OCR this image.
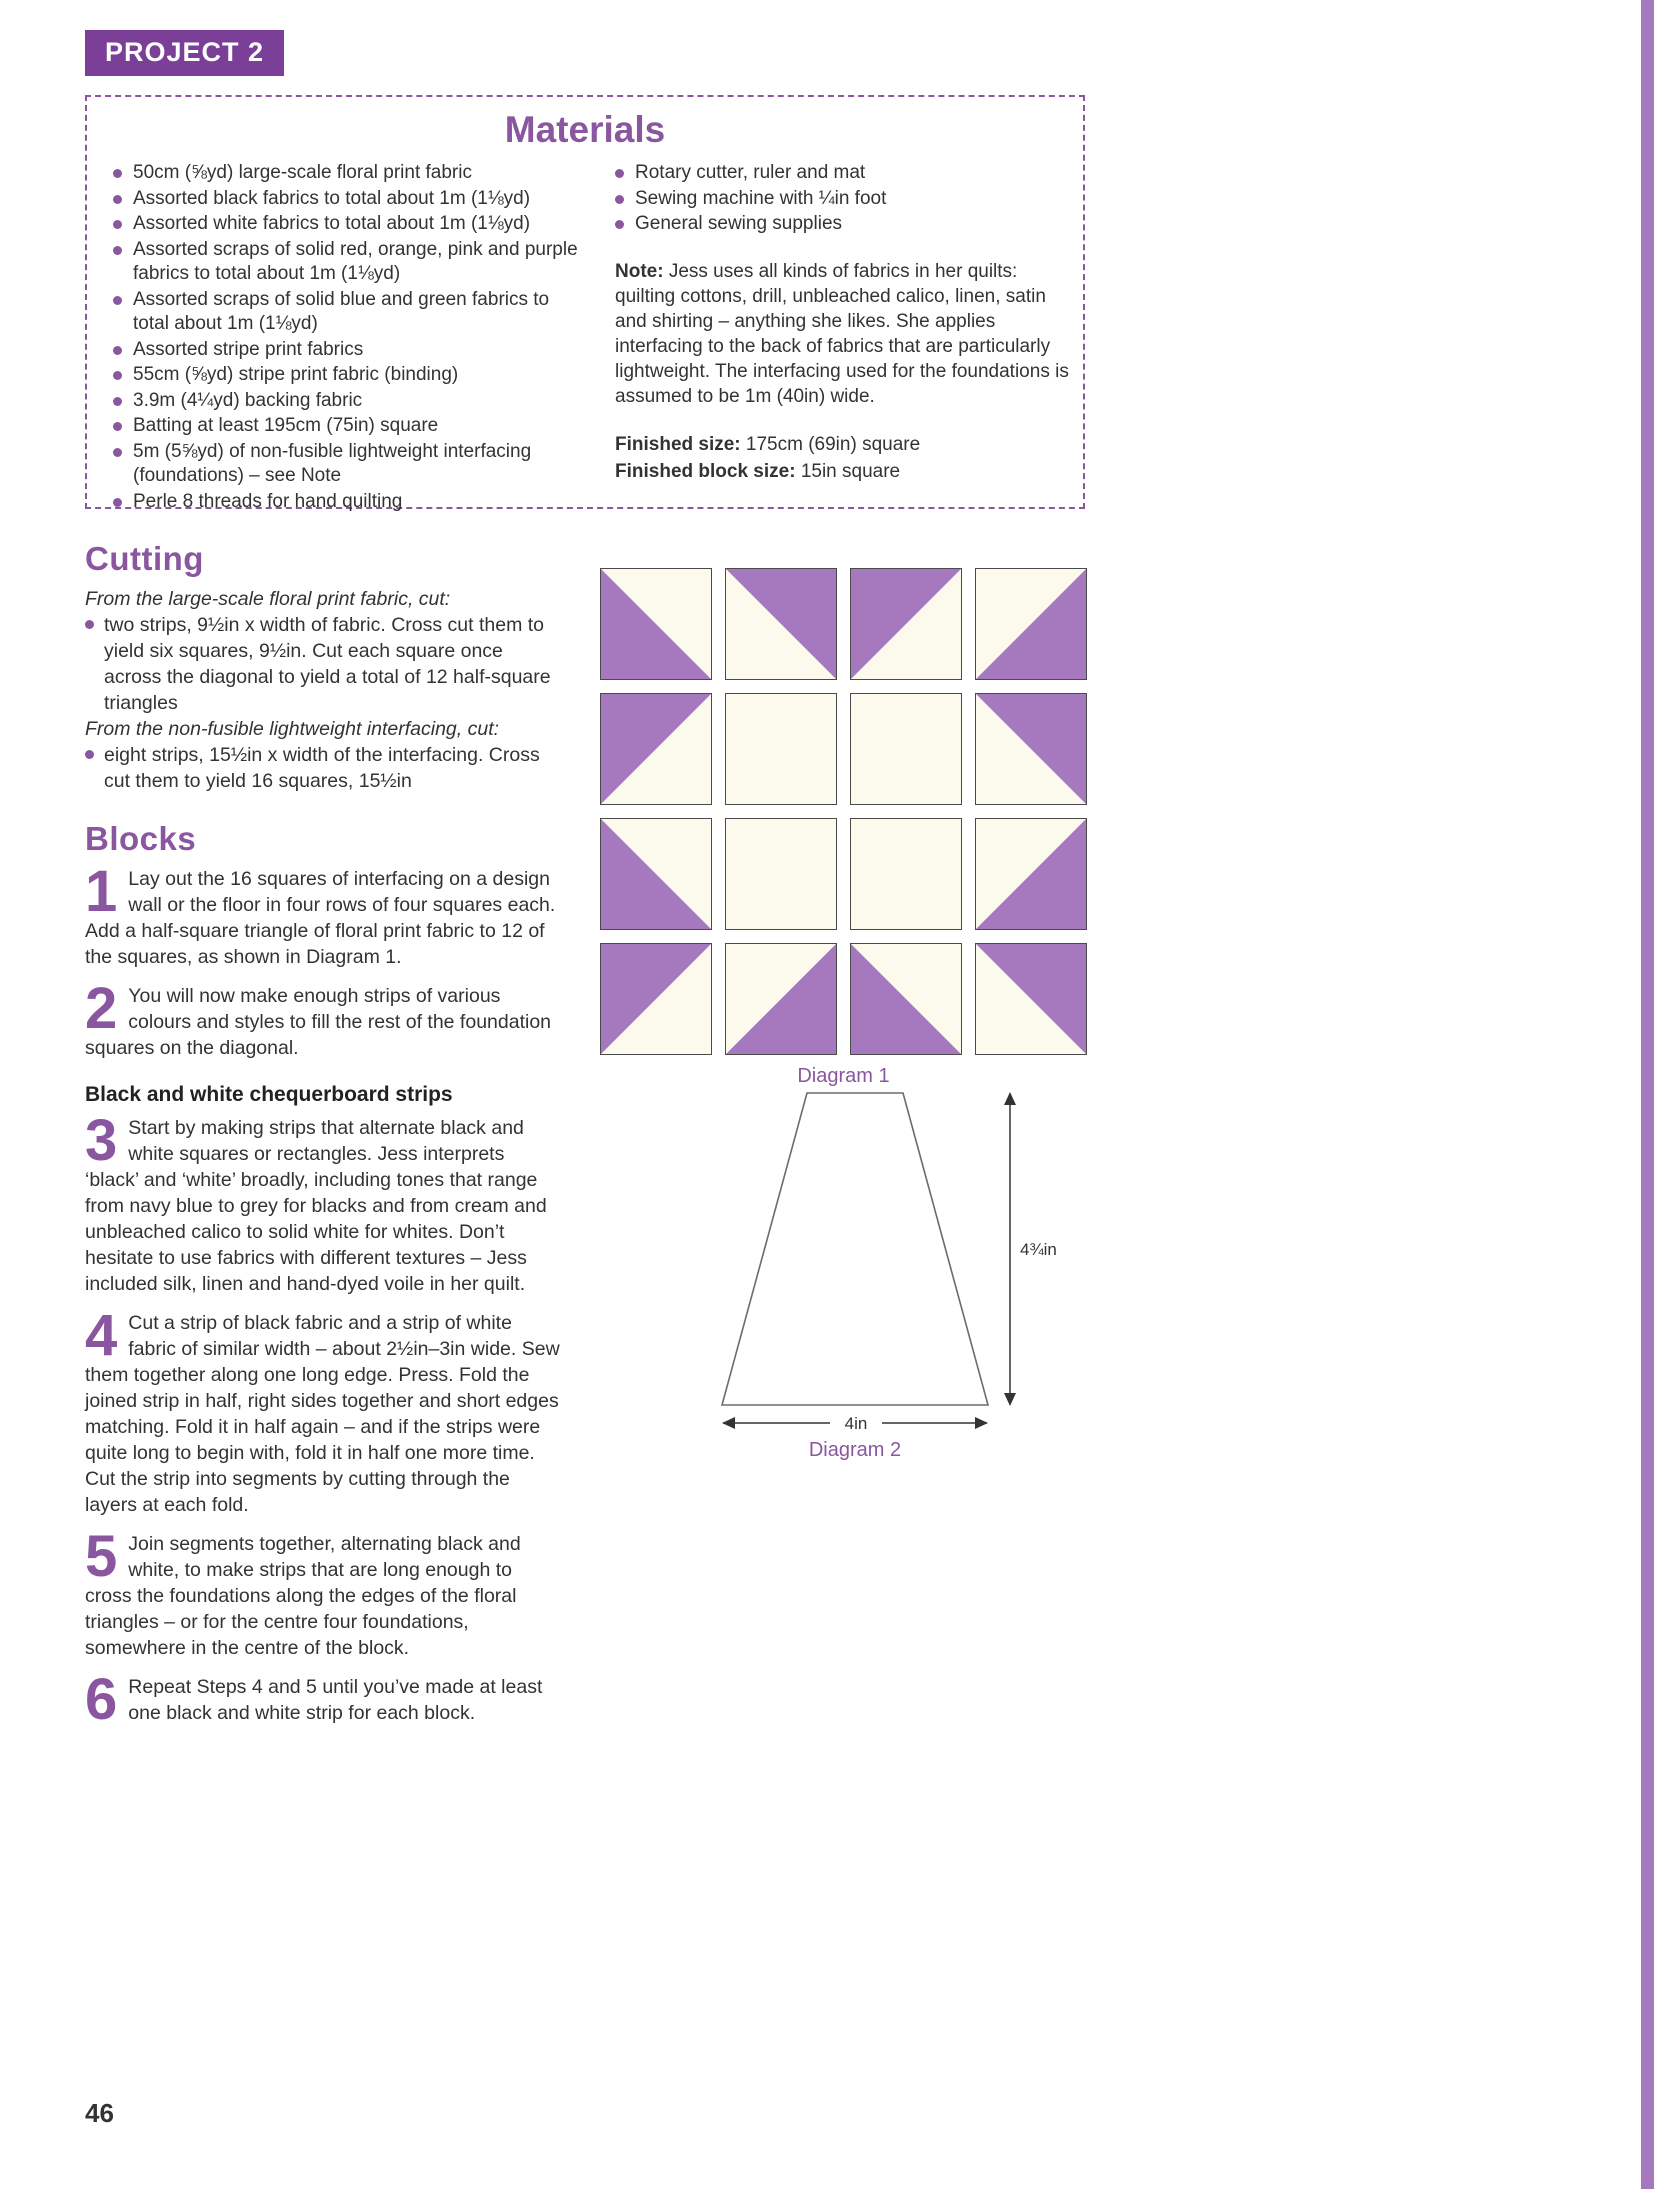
PROJECT 2
Materials
50cm (⅝yd) large-scale floral print fabric
Assorted black fabrics to total about 1m (1⅛yd)
Assorted white fabrics to total about 1m (1⅛yd)
Assorted scraps of solid red, orange, pink and purple fabrics to total about 1m (1⅛yd)
Assorted scraps of solid blue and green fabrics to total about 1m (1⅛yd)
Assorted stripe print fabrics
55cm (⅝yd) stripe print fabric (binding)
3.9m (4¼yd) backing fabric
Batting at least 195cm (75in) square
5m (5⅝yd) of non-fusible lightweight interfacing (foundations) – see Note
Perle 8 threads for hand quilting
Rotary cutter, ruler and mat
Sewing machine with ¼in foot
General sewing supplies
Note: Jess uses all kinds of fabrics in her quilts: quilting cottons, drill, unbleached calico, linen, satin and shirting – anything she likes. She applies interfacing to the back of fabrics that are particularly lightweight. The interfacing used for the foundations is assumed to be 1m (40in) wide.
Finished size: 175cm (69in) square
Finished block size: 15in square
Cutting
From the large-scale floral print fabric, cut:
two strips, 9½in x width of fabric. Cross cut them to yield six squares, 9½in. Cut each square once across the diagonal to yield a total of 12 half-square triangles
From the non-fusible lightweight interfacing, cut:
eight strips, 15½in x width of the interfacing. Cross cut them to yield 16 squares, 15½in
Blocks
1 Lay out the 16 squares of interfacing on a design wall or the floor in four rows of four squares each. Add a half-square triangle of floral print fabric to 12 of the squares, as shown in Diagram 1.
2 You will now make enough strips of various colours and styles to fill the rest of the foundation squares on the diagonal.
Black and white chequerboard strips
3 Start by making strips that alternate black and white squares or rectangles. Jess interprets ‘black’ and ‘white’ broadly, including tones that range from navy blue to grey for blacks and from cream and unbleached calico to solid white for whites. Don’t hesitate to use fabrics with different textures – Jess included silk, linen and hand-dyed voile in her quilt.
4 Cut a strip of black fabric and a strip of white fabric of similar width – about 2½in–3in wide. Sew them together along one long edge. Press. Fold the joined strip in half, right sides together and short edges matching. Fold it in half again – and if the strips were quite long to begin with, fold it in half one more time. Cut the strip into segments by cutting through the layers at each fold.
5 Join segments together, alternating black and white, to make strips that are long enough to cross the foundations along the edges of the floral triangles – or for the centre four foundations, somewhere in the centre of the block.
6 Repeat Steps 4 and 5 until you’ve made at least one black and white strip for each block.
Diagram 1
4¾in
4in
Diagram 2
46
